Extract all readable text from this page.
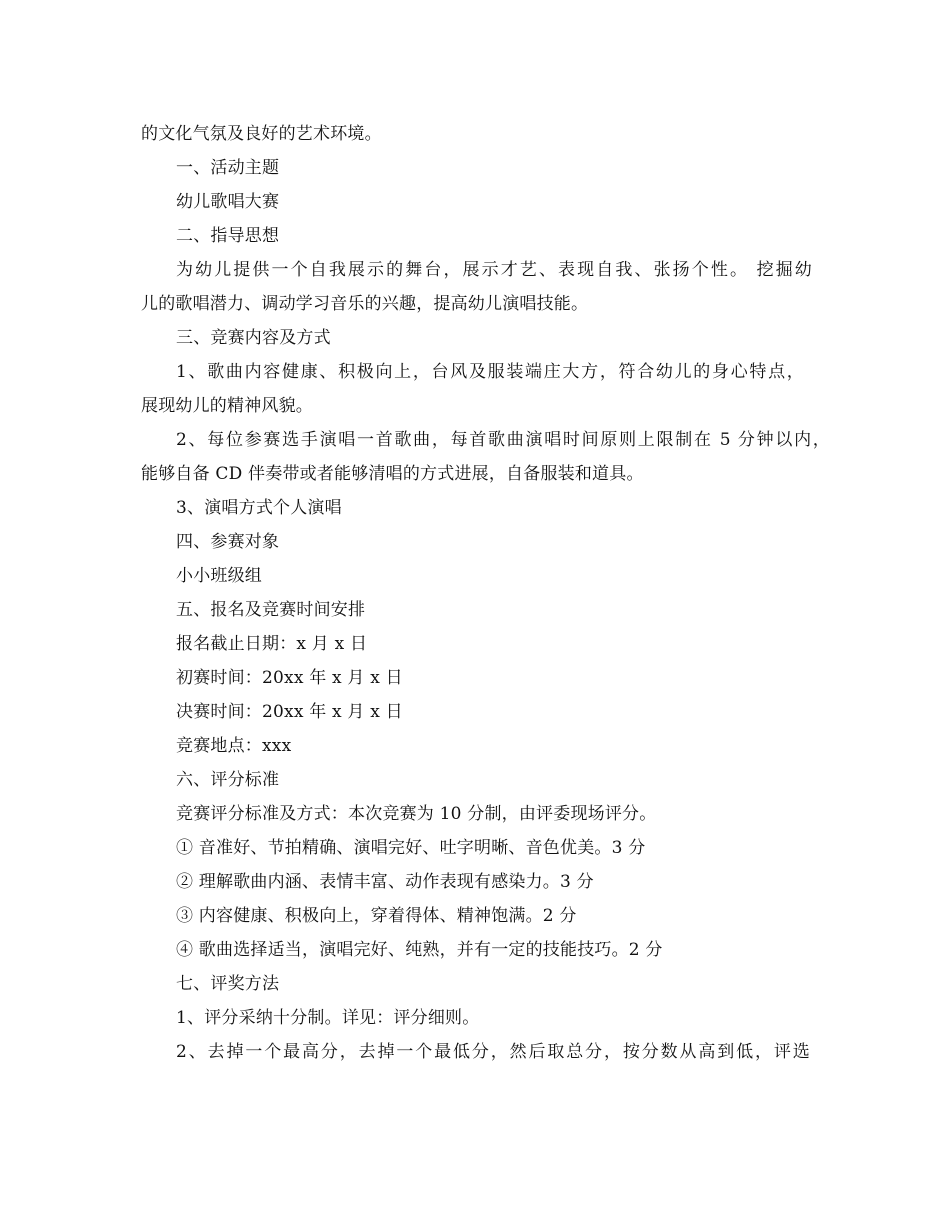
的文化气氛及良好的艺术环境。
一、活动主题
幼儿歌唱大赛
二、指导思想
为幼儿提供一个自我展示的舞台，展示才艺、表现自我、张扬个性。 挖掘幼
儿的歌唱潜力、调动学习音乐的兴趣，提高幼儿演唱技能。
三、竞赛内容及方式
1、歌曲内容健康、积极向上，台风及服装端庄大方，符合幼儿的身心特点，
展现幼儿的精神风貌。
2、每位参赛选手演唱一首歌曲，每首歌曲演唱时间原则上限制在 5 分钟以内，
能够自备 CD 伴奏带或者能够清唱的方式进展，自备服装和道具。
3、演唱方式个人演唱
四、参赛对象
小小班级组
五、报名及竞赛时间安排
报名截止日期：x 月 x 日
初赛时间：20xx 年 x 月 x 日
决赛时间：20xx 年 x 月 x 日
竞赛地点：xxx
六、评分标准
竞赛评分标准及方式：本次竞赛为 10 分制，由评委现场评分。
① 音准好、节拍精确、演唱完好、吐字明晰、音色优美。3 分
② 理解歌曲内涵、表情丰富、动作表现有感染力。3 分
③ 内容健康、积极向上，穿着得体、精神饱满。2 分
④ 歌曲选择适当，演唱完好、纯熟，并有一定的技能技巧。2 分
七、评奖方法
1、评分采纳十分制。详见：评分细则。
2、去掉一个最高分，去掉一个最低分，然后取总分，按分数从高到低，评选
